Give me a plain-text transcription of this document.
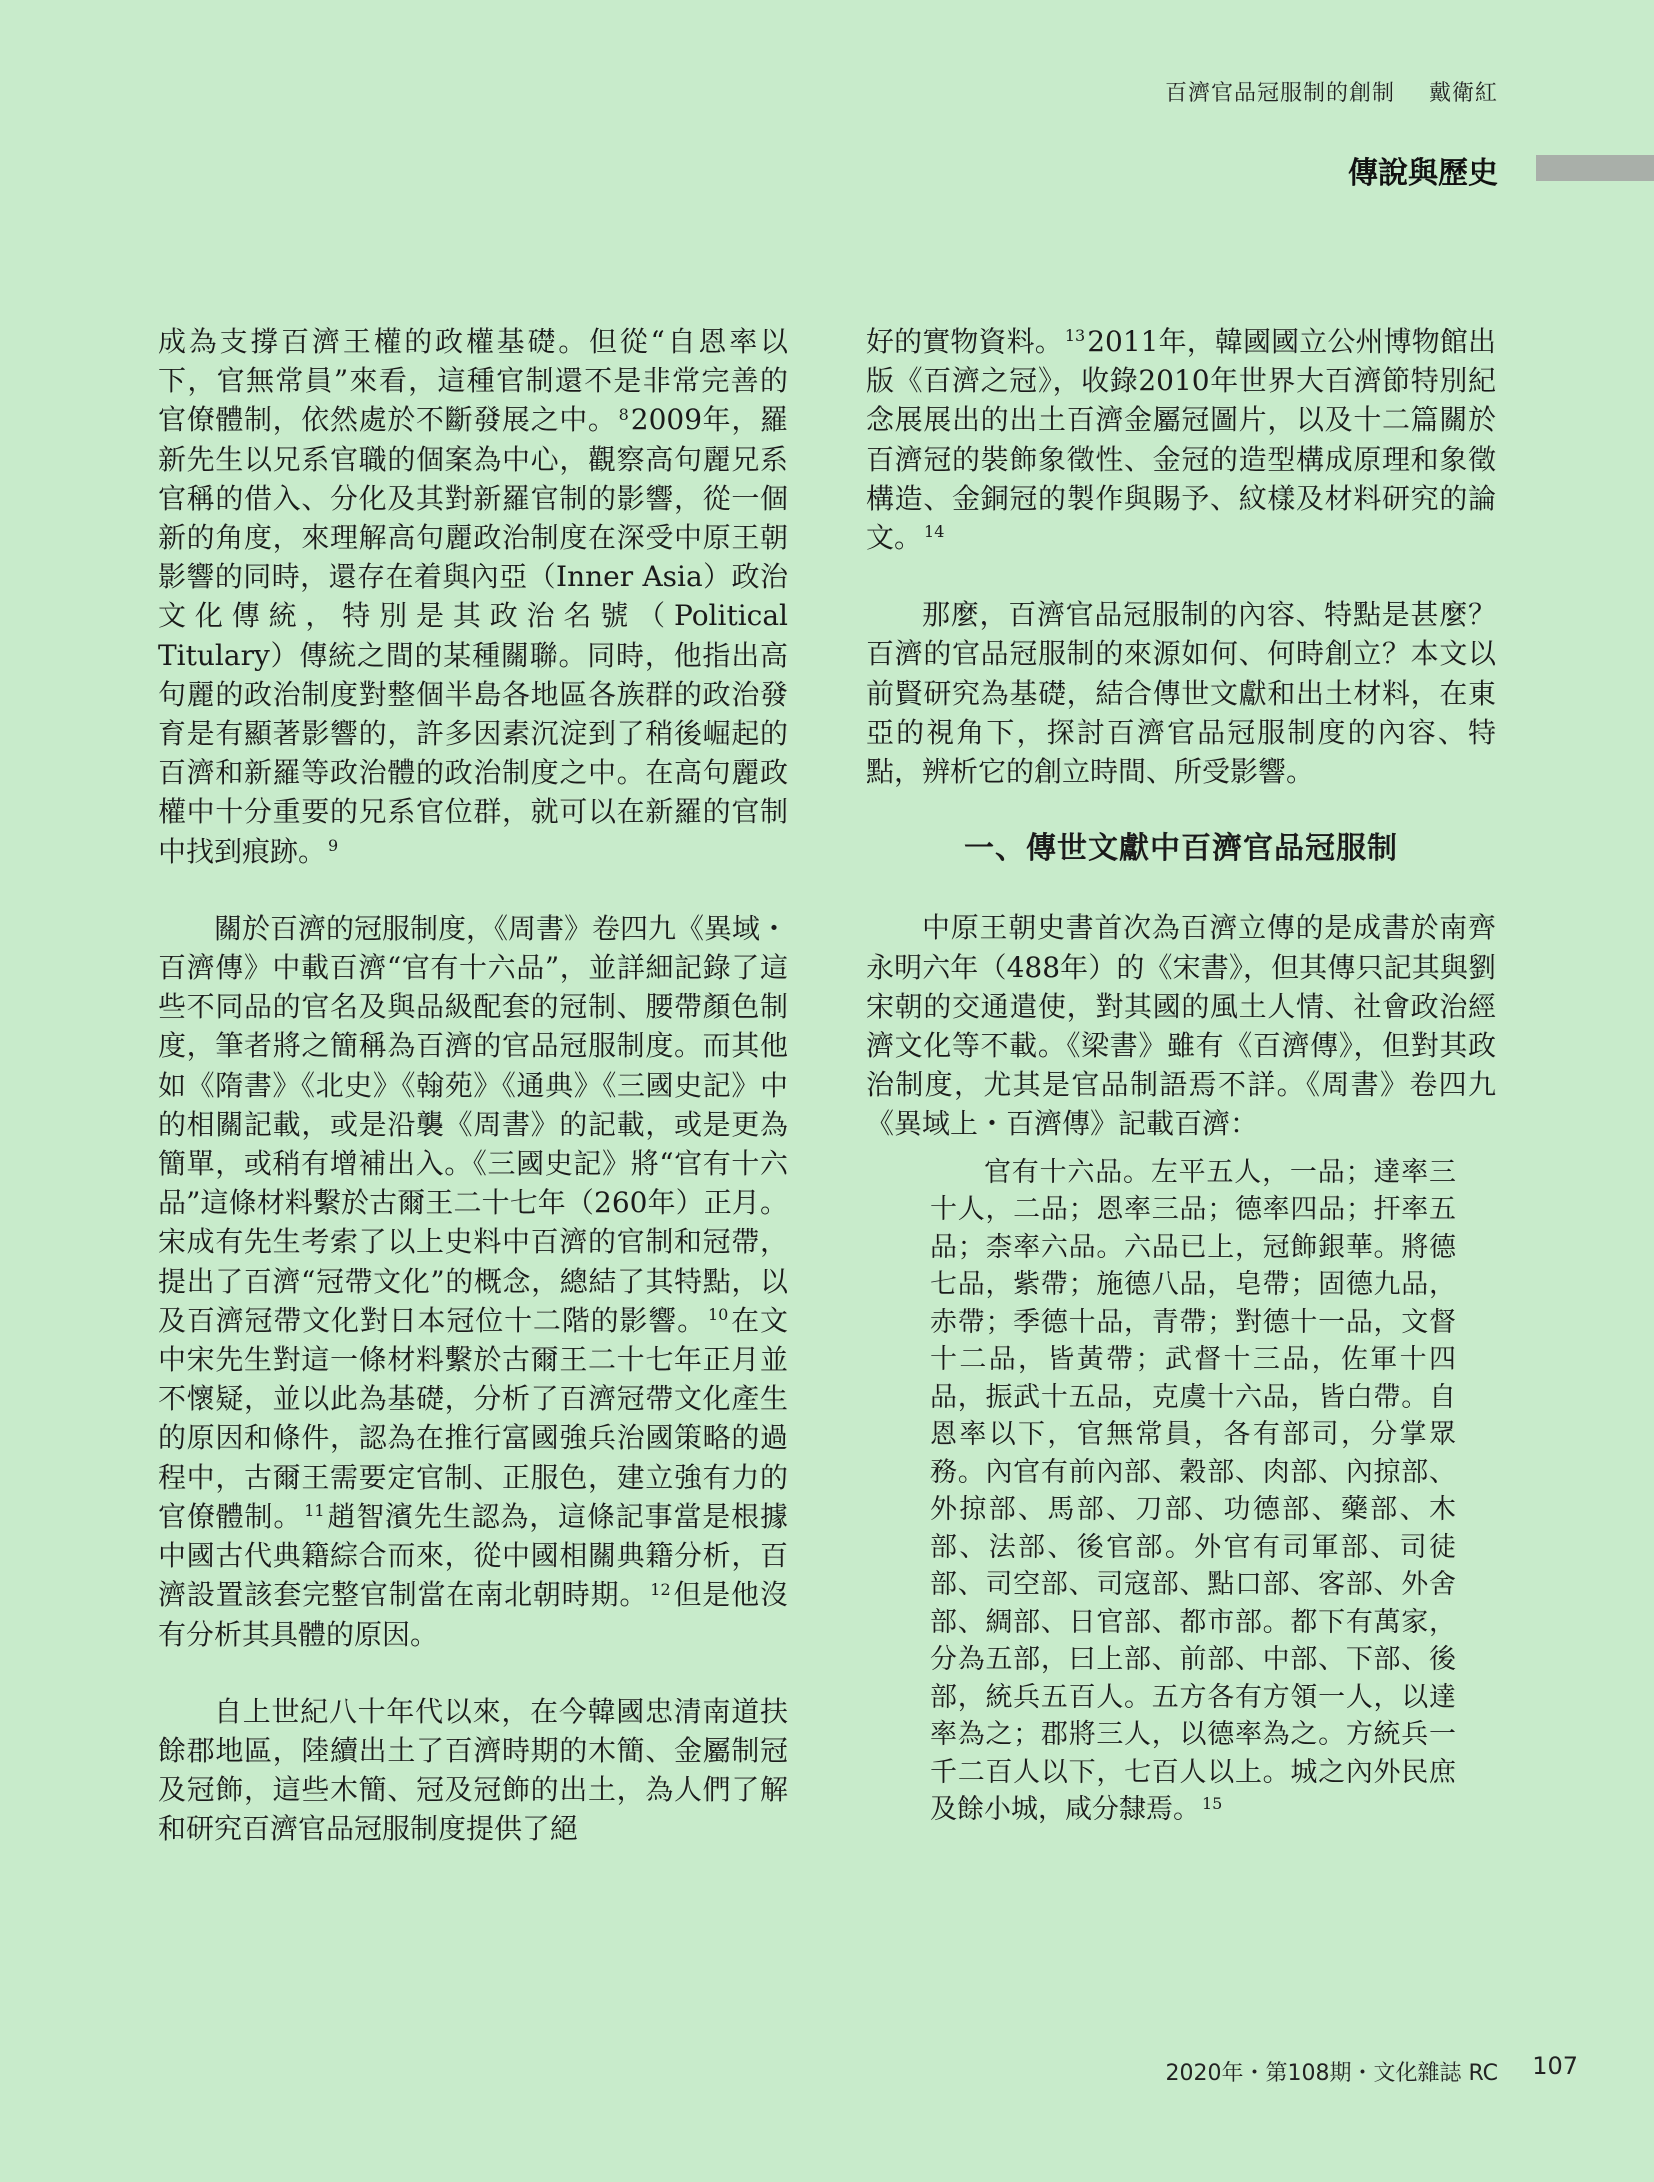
百濟官品冠服制的創制 戴衛紅
傳說與歷史

成為支撐百濟王權的政權基礎。但從“自恩率以下，官無常員”來看，這種官制還不是非常完善的官僚體制，依然處於不斷發展之中。 $^8$2009年，羅新先生以兄系官職的個案為中心，觀察高句麗兄系官稱的借入、分化及其對新羅官制的影響，從一個新的角度，來理解高句麗政治制度在深受中原王朝影響的同時，還存在着與內亞（Inner Asia）政治文化傳統，特別是其政治名號（Political Titulary）傳統之間的某種關聯。同時，他指出高句麗的政治制度對整個半島各地區各族群的政治發育是有顯著影響的，許多因素沉淀到了稍後崛起的百濟和新羅等政治體的政治制度之中。在高句麗政權中十分重要的兄系官位群，就可以在新羅的官制中找到痕跡。 $^9$

關於百濟的冠服制度，《周書》卷四九《異域・百濟傳》中載百濟“官有十六品”，並詳細記錄了這些不同品的官名及與品級配套的冠制、腰帶顏色制度，筆者將之簡稱為百濟的官品冠服制度。而其他如《隋書》《北史》《翰苑》《通典》《三國史記》中的相關記載，或是沿襲《周書》的記載，或是更為簡單，或稍有增補出入。《三國史記》將“官有十六品”這條材料繫於古爾王二十七年（260年）正月。宋成有先生考索了以上史料中百濟的官制和冠帶，提出了百濟“冠帶文化”的概念，總結了其特點，以及百濟冠帶文化對日本冠位十二階的影響。 $^{10}$在文中宋先生對這一條材料繫於古爾王二十七年正月並不懷疑，並以此為基礎，分析了百濟冠帶文化產生的原因和條件，認為在推行富國強兵治國策略的過程中，古爾王需要定官制、正服色，建立強有力的官僚體制。 $^{11}$趙智濱先生認為，這條記事當是根據中國古代典籍綜合而來，從中國相關典籍分析，百濟設置該套完整官制當在南北朝時期。 $^{12}$但是他沒有分析其具體的原因。

自上世紀八十年代以來，在今韓國忠清南道扶餘郡地區，陸續出土了百濟時期的木簡、金屬制冠及冠飾，這些木簡、冠及冠飾的出土，為人們了解和研究百濟官品冠服制度提供了絕

好的實物資料。 $^{13}$2011年，韓國國立公州博物館出版《百濟之冠》，收錄2010年世界大百濟節特別紀念展展出的出土百濟金屬冠圖片，以及十二篇關於百濟冠的裝飾象徵性、金冠的造型構成原理和象徵構造、金銅冠的製作與賜予、紋樣及材料研究的論文。 $^{14}$

那麼，百濟官品冠服制的內容、特點是甚麼？百濟的官品冠服制的來源如何、何時創立？本文以前賢研究為基礎，結合傳世文獻和出土材料，在東亞的視角下，探討百濟官品冠服制度的內容、特點，辨析它的創立時間、所受影響。

一、傳世文獻中百濟官品冠服制

中原王朝史書首次為百濟立傳的是成書於南齊永明六年（488年）的《宋書》，但其傳只記其與劉宋朝的交通遣使，對其國的風土人情、社會政治經濟文化等不載。《梁書》雖有《百濟傳》，但對其政治制度，尤其是官品制語焉不詳。《周書》卷四九《異域上・百濟傳》記載百濟：

官有十六品。左平五人，一品；達率三十人，二品；恩率三品；德率四品；扞率五品；柰率六品。六品已上，冠飾銀華。將德七品，紫帶；施德八品，皂帶；固德九品，赤帶；季德十品，青帶；對德十一品，文督十二品，皆黃帶；武督十三品，佐軍十四品，振武十五品，克虞十六品，皆白帶。自恩率以下，官無常員，各有部司，分掌眾務。內官有前內部、穀部、肉部、內掠部、外掠部、馬部、刀部、功德部、藥部、木部、法部、後官部。外官有司軍部、司徒部、司空部、司寇部、點口部、客部、外舍部、綢部、日官部、都市部。都下有萬家，分為五部，曰上部、前部、中部、下部、後部，統兵五百人。五方各有方領一人，以達率為之；郡將三人，以德率為之。方統兵一千二百人以下，七百人以上。城之內外民庶及餘小城，咸分隸焉。 $^{15}$
2020年・第108期・文化雜誌 RC 107
